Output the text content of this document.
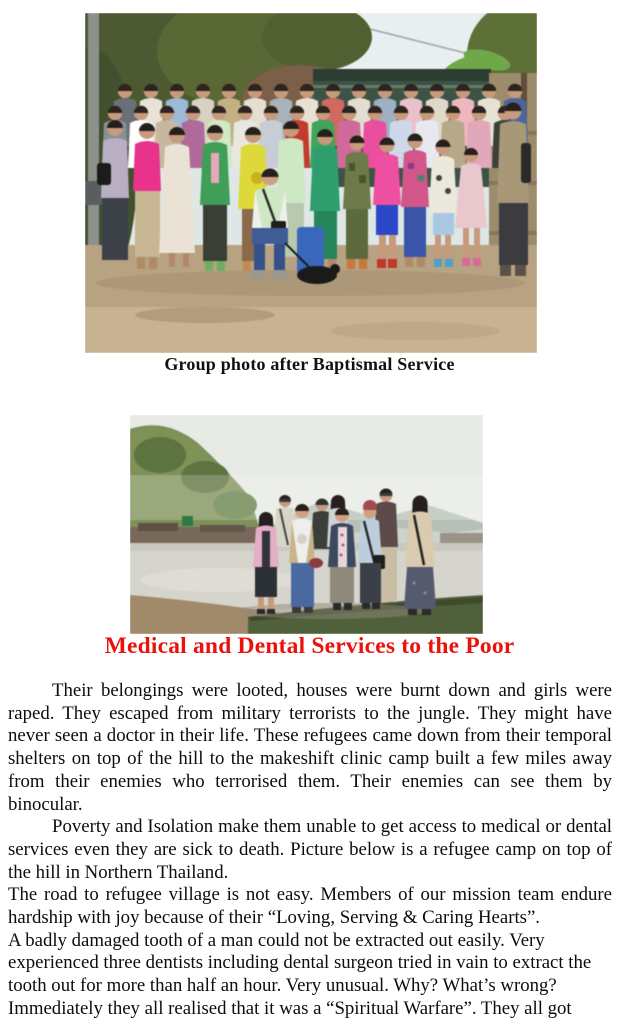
Group photo after Baptismal Service
Medical and Dental Services to the Poor

Their belongings were looted, houses were burnt down and girls were raped. They escaped from military terrorists to the jungle. They might have never seen a doctor in their life. These refugees came down from their temporal shelters on top of the hill to the makeshift clinic camp built a few miles away from their enemies who terrorised them. Their enemies can see them by binocular.

Poverty and Isolation make them unable to get access to medical or dental services even they are sick to death. Picture below is a refugee camp on top of the hill in Northern Thailand.

The road to refugee village is not easy. Members of our mission team endure hardship with joy because of their “Loving, Serving & Caring Hearts”.

A badly damaged tooth of a man could not be extracted out easily. Very experienced three dentists including dental surgeon tried in vain to extract the tooth out for more than half an hour. Very unusual. Why? What’s wrong? Immediately they all realised that it was a “Spiritual Warfare”. They all got
